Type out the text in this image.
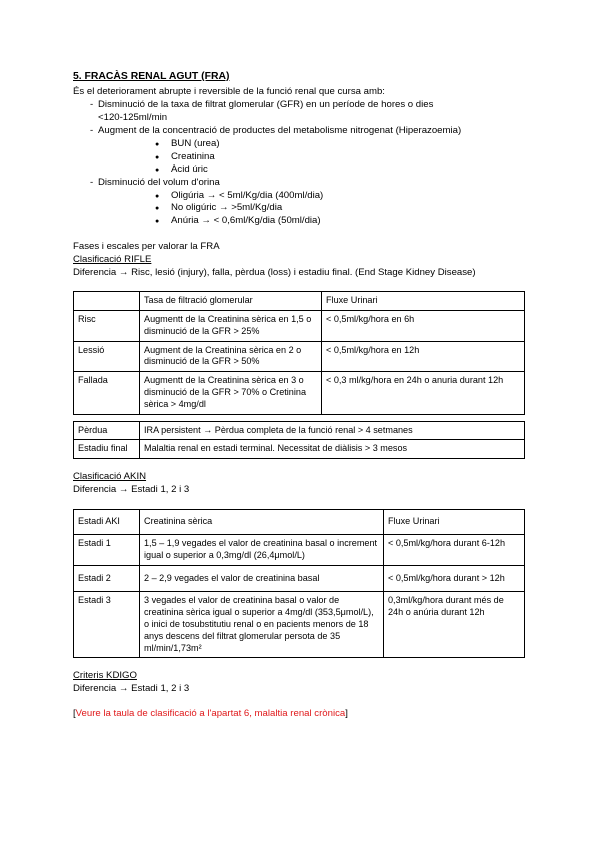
5. FRACÀS RENAL AGUT (FRA)

És el deteriorament abrupte i reversible de la funció renal que cursa amb:

- Disminució de la taxa de filtrat glomerular (GFR) en un període de hores o dies
<120-125ml/min
- Augment de la concentració de productes del metabolisme nitrogenat (Hiperazoemia)
● BUN (urea)
● Creatinina
● Àcid úric
- Disminució del volum d'orina
● Oligúria → < 5ml/Kg/dia (400ml/dia)
● No oligúric → >5ml/Kg/dia
● Anúria → < 0,6ml/Kg/dia (50ml/dia)

Fases i escales per valorar la FRA

Clasificació RIFLE

Diferencia → Risc, lesió (injury), falla, pèrdua (loss) i estadiu final. (End Stage Kidney Disease)

	Tasa de filtració glomerular	Fluxe Urinari
Risc	Augmentt de la Creatinina sèrica en 1,5 o disminució de la GFR > 25%	< 0,5ml/kg/hora en 6h
Lessió	Augment de la Creatinina sèrica en 2 o disminució de la GFR > 50%	< 0,5ml/kg/hora en 12h
Fallada	Augmentt de la Creatinina sèrica en 3 o disminució de la GFR > 70% o Cretinina sèrica > 4mg/dl	< 0,3 ml/kg/hora en 24h o anuria durant 12h
Pèrdua	IRA persistent → Pèrdua completa de la funció renal > 4 setmanes
Estadiu final	Malaltia renal en estadi terminal. Necessitat de diàlisis > 3 mesos

Clasificació AKIN

Diferencia → Estadi 1, 2 i 3

Estadi AKI	Creatinina sèrica	Fluxe Urinari
Estadi 1	1,5 – 1,9 vegades el valor de creatinina basal o increment igual o superior a 0,3mg/dl (26,4μmol/L)	< 0,5ml/kg/hora durant 6-12h
Estadi 2	2 – 2,9 vegades el valor de creatinina basal	< 0,5ml/kg/hora durant > 12h
Estadi 3	3 vegades el valor de creatinina basal o valor de creatinina sèrica igual o superior a 4mg/dl (353,5μmol/L), o inici de tosubstitutiu renal o en pacients menors de 18 anys descens del filtrat glomerular persota de 35 ml/min/1,73m²	0,3ml/kg/hora durant més de 24h o anúria durant 12h

Criteris KDIGO

Diferencia → Estadi 1, 2 i 3

[Veure la taula de clasificació a l'apartat 6, malaltia renal crònica]
